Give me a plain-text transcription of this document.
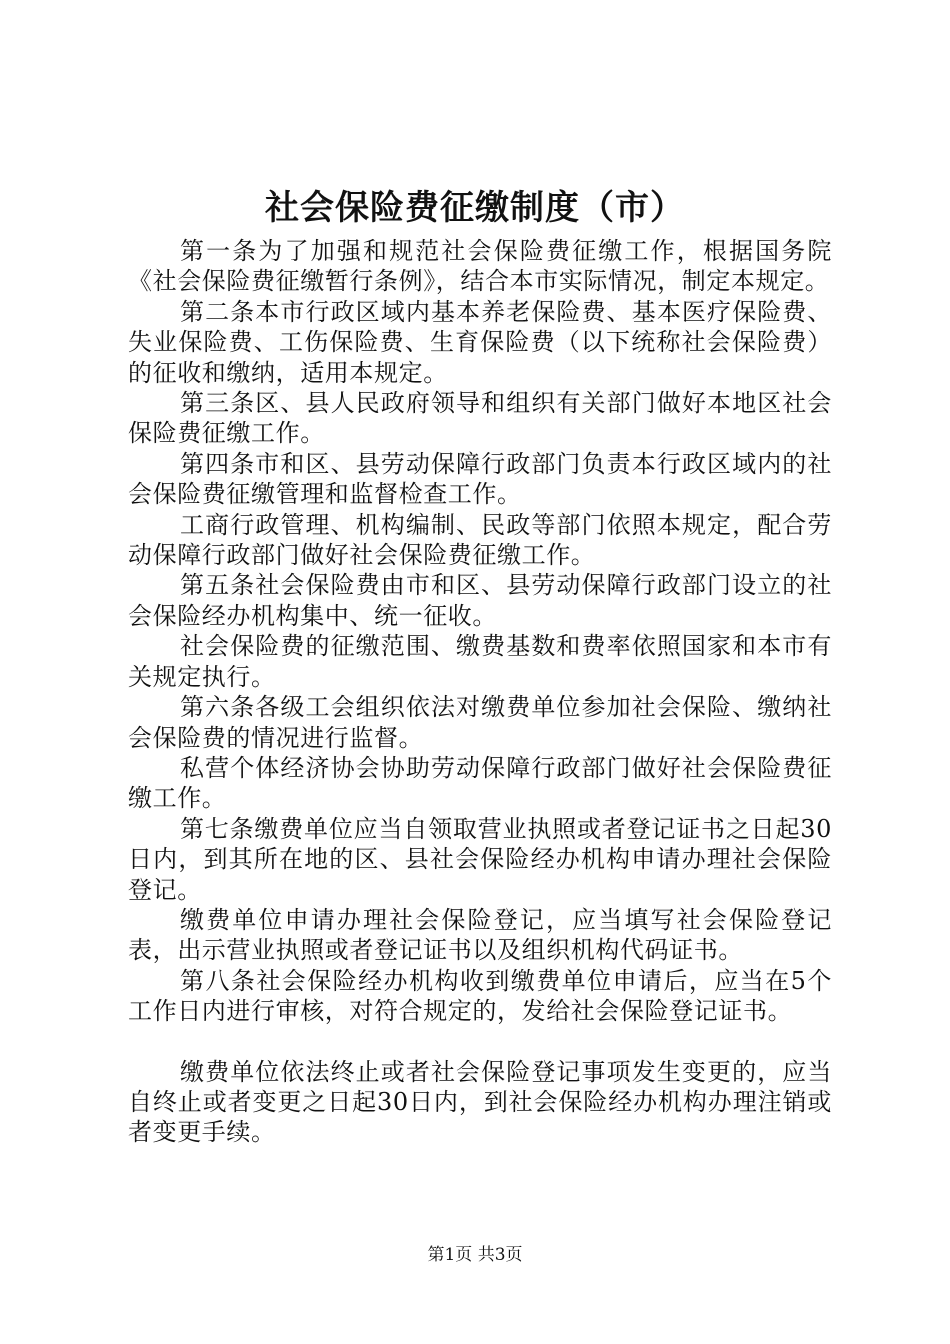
社会保险费征缴制度（市）

第一条为了加强和规范社会保险费征缴工作，根据国务院《社会保险费征缴暂行条例》，结合本市实际情况，制定本规定。

第二条本市行政区域内基本养老保险费、基本医疗保险费、失业保险费、工伤保险费、生育保险费（以下统称社会保险费）的征收和缴纳，适用本规定。

第三条区、县人民政府领导和组织有关部门做好本地区社会保险费征缴工作。

第四条市和区、县劳动保障行政部门负责本行政区域内的社会保险费征缴管理和监督检查工作。

工商行政管理、机构编制、民政等部门依照本规定，配合劳动保障行政部门做好社会保险费征缴工作。

第五条社会保险费由市和区、县劳动保障行政部门设立的社会保险经办机构集中、统一征收。

社会保险费的征缴范围、缴费基数和费率依照国家和本市有关规定执行。

第六条各级工会组织依法对缴费单位参加社会保险、缴纳社会保险费的情况进行监督。

私营个体经济协会协助劳动保障行政部门做好社会保险费征缴工作。

第七条缴费单位应当自领取营业执照或者登记证书之日起30日内，到其所在地的区、县社会保险经办机构申请办理社会保险登记。

缴费单位申请办理社会保险登记，应当填写社会保险登记表，出示营业执照或者登记证书以及组织机构代码证书。

第八条社会保险经办机构收到缴费单位申请后，应当在5个工作日内进行审核，对符合规定的，发给社会保险登记证书。

缴费单位依法终止或者社会保险登记事项发生变更的，应当自终止或者变更之日起30日内，到社会保险经办机构办理注销或者变更手续。

第1页 共3页
